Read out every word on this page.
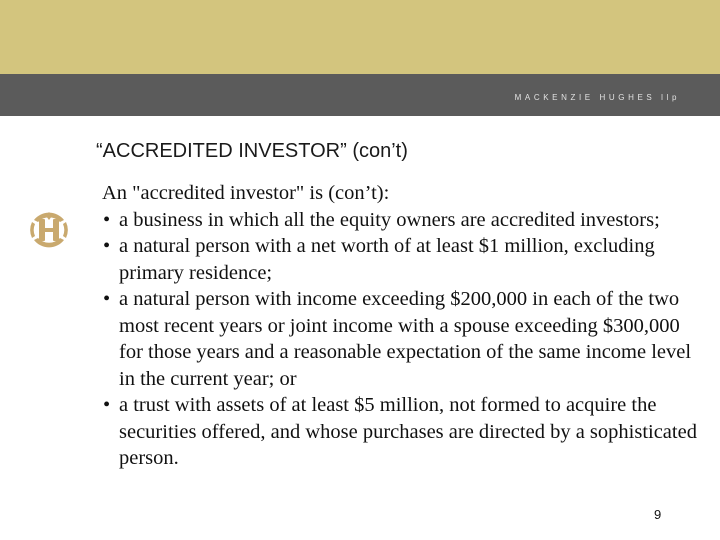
MACKENZIE HUGHES llp
“ACCREDITED INVESTOR” (con’t)

An "accredited investor" is (con’t):

• a business in which all the equity owners are accredited investors;
• a natural person with a net worth of at least $1 million, excluding primary residence;
• a natural person with income exceeding $200,000 in each of the two most recent years or joint income with a spouse exceeding $300,000 for those years and a reasonable expectation of the same income level in the current year; or
• a trust with assets of at least $5 million, not formed to acquire the securities offered, and whose purchases are directed by a sophisticated person.
9
